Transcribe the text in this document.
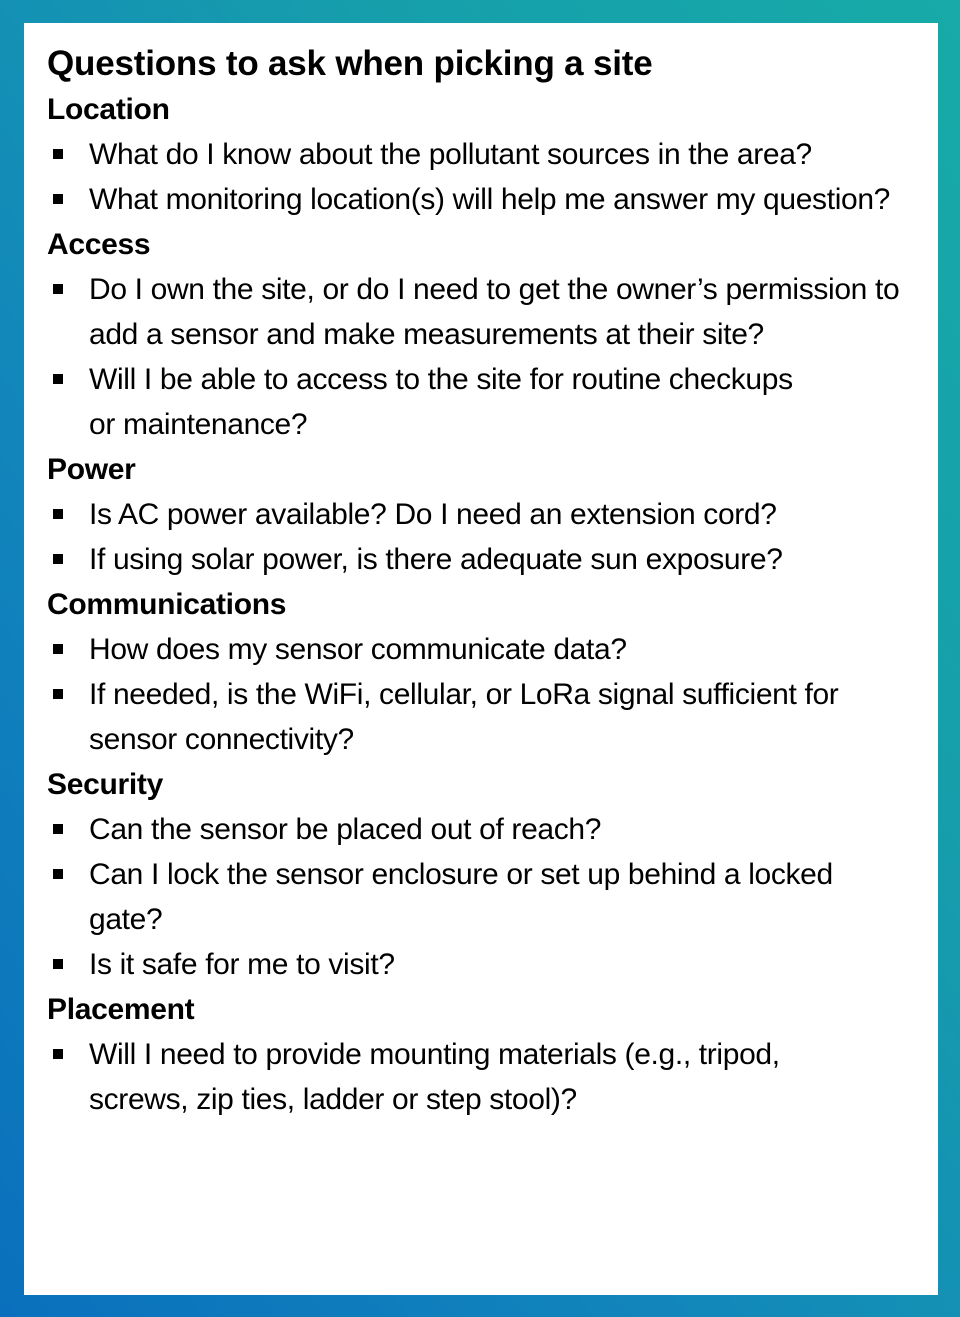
Questions to ask when picking a site
Location
What do I know about the pollutant sources in the area?
What monitoring location(s) will help me answer my question?
Access
Do I own the site, or do I need to get the owner’s permission to add a sensor and make measurements at their site?
Will I be able to access to the site for routine checkups or maintenance?
Power
Is AC power available? Do I need an extension cord?
If using solar power, is there adequate sun exposure?
Communications
How does my sensor communicate data?
If needed, is the WiFi, cellular, or LoRa signal sufficient for sensor connectivity?
Security
Can the sensor be placed out of reach?
Can I lock the sensor enclosure or set up behind a locked gate?
Is it safe for me to visit?
Placement
Will I need to provide mounting materials (e.g., tripod, screws, zip ties, ladder or step stool)?
